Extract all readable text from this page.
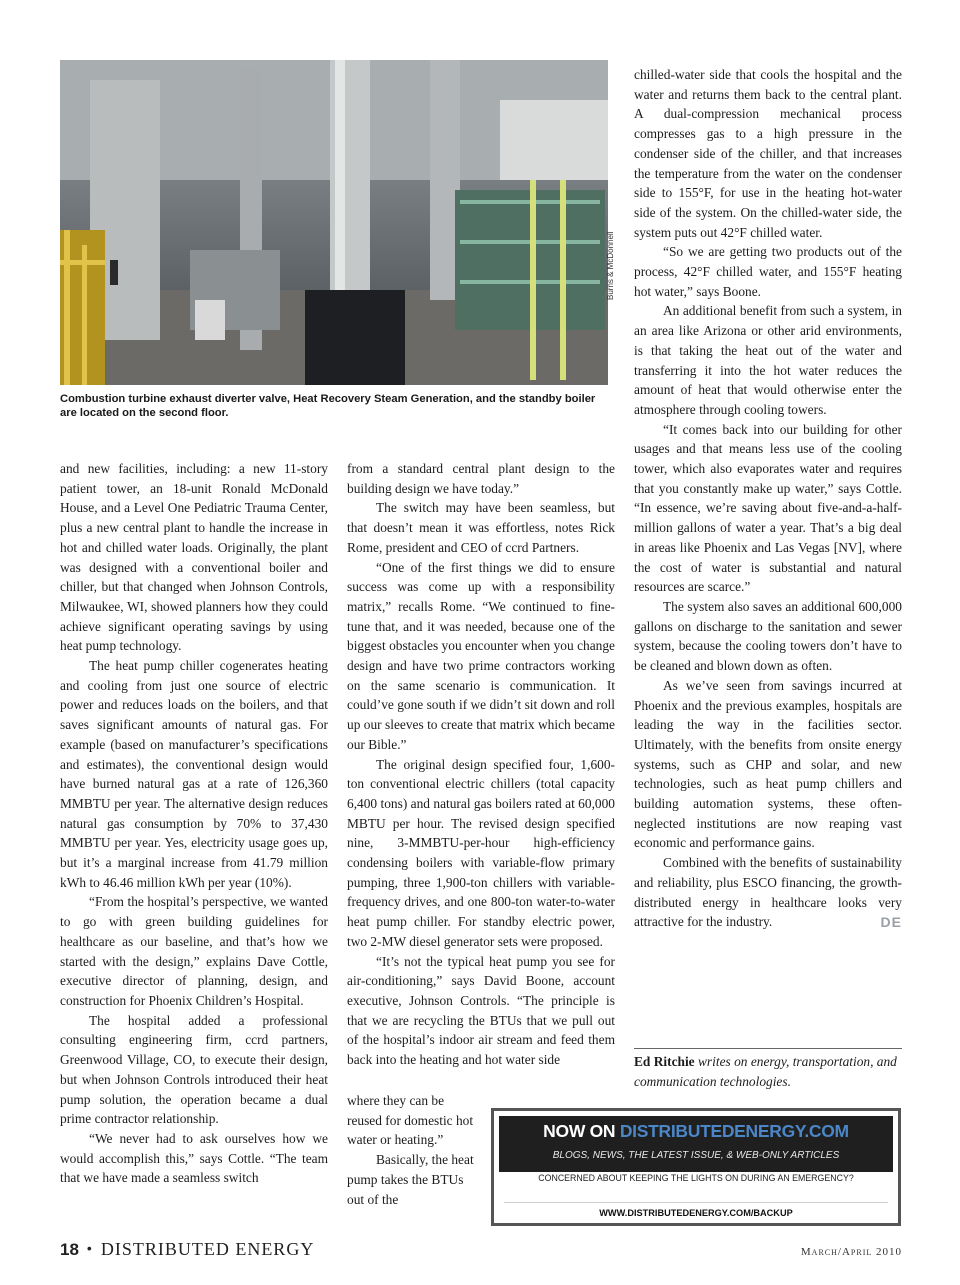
Burns & McDonnell
Combustion turbine exhaust diverter valve, Heat Recovery Steam Generation, and the standby boiler are located on the second floor.

and new facilities, including: a new 11-story patient tower, an 18-unit Ronald McDonald House, and a Level One Pediatric Trauma Center, plus a new central plant to handle the increase in hot and chilled water loads. Originally, the plant was designed with a conventional boiler and chiller, but that changed when Johnson Controls, Milwaukee, WI, showed planners how they could achieve significant operating savings by using heat pump technology.

The heat pump chiller cogenerates heating and cooling from just one source of electric power and reduces loads on the boilers, and that saves significant amounts of natural gas. For example (based on manufacturer’s specifications and estimates), the conventional design would have burned natural gas at a rate of 126,360 MMBTU per year. The alternative design reduces natural gas consumption by 70% to 37,430 MMBTU per year. Yes, electricity usage goes up, but it’s a marginal increase from 41.79 million kWh to 46.46 million kWh per year (10%).

“From the hospital’s perspective, we wanted to go with green building guidelines for healthcare as our baseline, and that’s how we started with the design,” explains Dave Cottle, executive director of planning, design, and construction for Phoenix Children’s Hospital.

The hospital added a professional consulting engineering firm, ccrd partners, Greenwood Village, CO, to execute their design, but when Johnson Controls introduced their heat pump solution, the operation became a dual prime contractor relationship.

“We never had to ask ourselves how we would accomplish this,” says Cottle. “The team that we have made a seamless switch

from a standard central plant design to the building design we have today.”

The switch may have been seamless, but that doesn’t mean it was effortless, notes Rick Rome, president and CEO of ccrd Partners.

“One of the first things we did to ensure success was come up with a responsibility matrix,” recalls Rome. “We continued to fine-tune that, and it was needed, because one of the biggest obstacles you encounter when you change design and have two prime contractors working on the same scenario is communication. It could’ve gone south if we didn’t sit down and roll up our sleeves to create that matrix which became our Bible.”

The original design specified four, 1,600-ton conventional electric chillers (total capacity 6,400 tons) and natural gas boilers rated at 60,000 MBTU per hour. The revised design specified nine, 3-MMBTU-per-hour high-efficiency condensing boilers with variable-flow primary pumping, three 1,900-ton chillers with variable-frequency drives, and one 800-ton water-to-water heat pump chiller. For standby electric power, two 2-MW diesel generator sets were proposed.

“It’s not the typical heat pump you see for air-conditioning,” says David Boone, account executive, Johnson Controls. “The principle is that we are recycling the BTUs that we pull out of the hospital’s indoor air stream and feed them back into the heating and hot water side

where they can be reused for domestic hot water or heating.”

Basically, the heat pump takes the BTUs out of the

chilled-water side that cools the hospital and the water and returns them back to the central plant. A dual-compression mechanical process compresses gas to a high pressure in the condenser side of the chiller, and that increases the temperature from the water on the condenser side to 155°F, for use in the heating hot-water side of the system. On the chilled-water side, the system puts out 42°F chilled water.

“So we are getting two products out of the process, 42°F chilled water, and 155°F heating hot water,” says Boone.

An additional benefit from such a system, in an area like Arizona or other arid environments, is that taking the heat out of the water and transferring it into the hot water reduces the amount of heat that would otherwise enter the atmosphere through cooling towers.

“It comes back into our building for other usages and that means less use of the cooling tower, which also evaporates water and requires that you constantly make up water,” says Cottle. “In essence, we’re saving about five-and-a-half-million gallons of water a year. That’s a big deal in areas like Phoenix and Las Vegas [NV], where the cost of water is substantial and natural resources are scarce.”

The system also saves an additional 600,000 gallons on discharge to the sanitation and sewer system, because the cooling towers don’t have to be cleaned and blown down as often.

As we’ve seen from savings incurred at Phoenix and the previous examples, hospitals are leading the way in the facilities sector. Ultimately, with the benefits from onsite energy systems, such as CHP and solar, and new technologies, such as heat pump chillers and building automation systems, these often-neglected institutions are now reaping vast economic and performance gains.

Combined with the benefits of sustainability and reliability, plus ESCO financing, the growth-distributed energy in healthcare looks very attractive for the industry.	DE

Ed Ritchie writes on energy, transportation, and communication technologies.
NOW ON DISTRIBUTEDENERGY.COM
BLOGS, NEWS, THE LATEST ISSUE, & WEB-ONLY ARTICLES
CONCERNED ABOUT KEEPING THE LIGHTS ON DURING AN EMERGENCY?
WWW.DISTRIBUTEDENERGY.COM/BACKUP
18 • DISTRIBUTED ENERGY	March/April 2010
